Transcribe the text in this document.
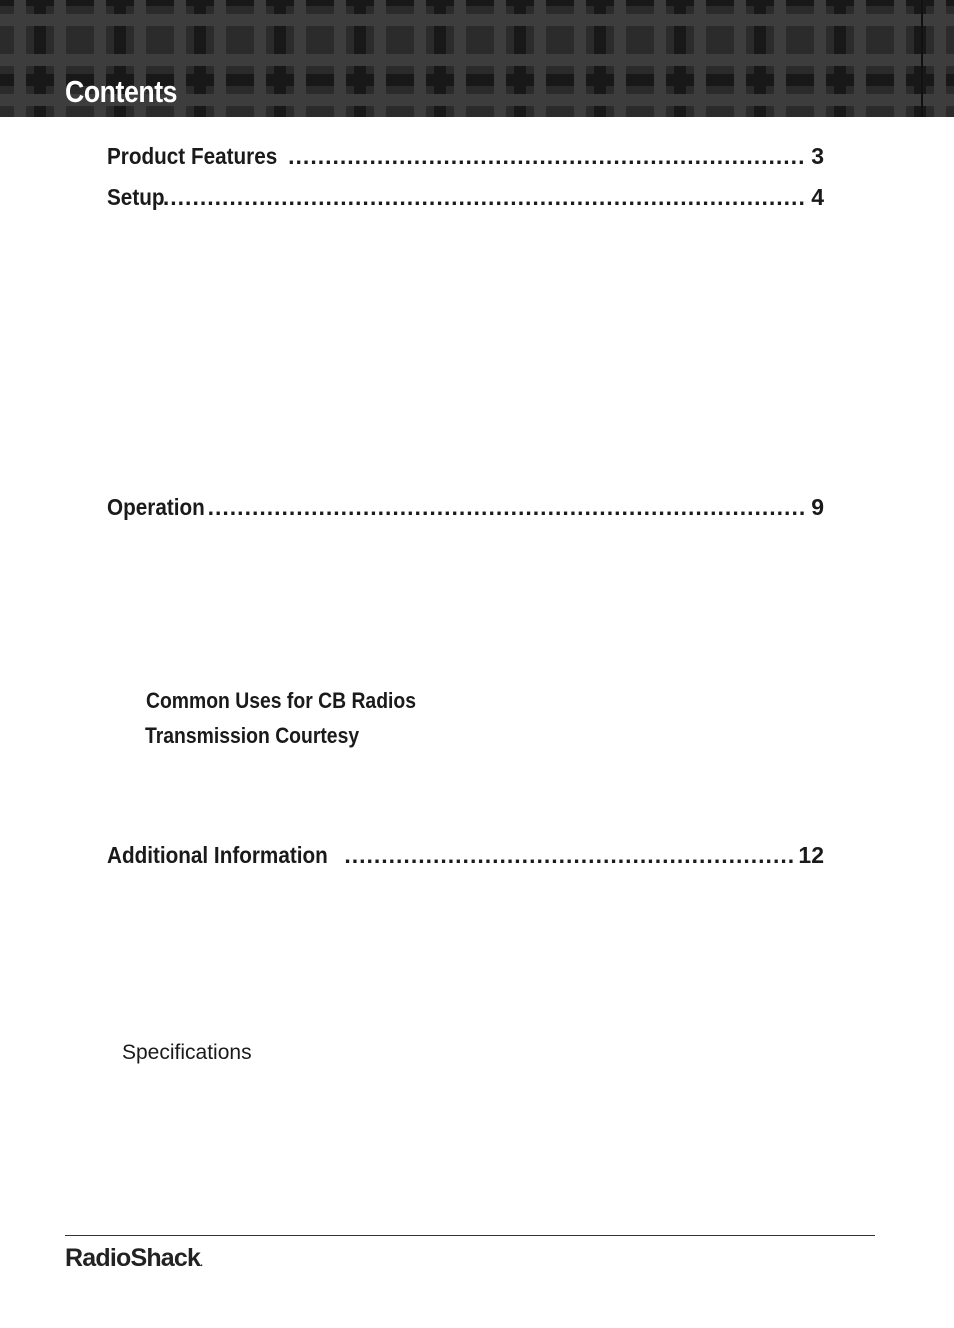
Contents
Product Features .....	3
Setup .....	4
Operation .....	9
Common Uses for CB Radios
Transmission Courtesy
Additional Information .....	12
Specifications
RadioShack.
